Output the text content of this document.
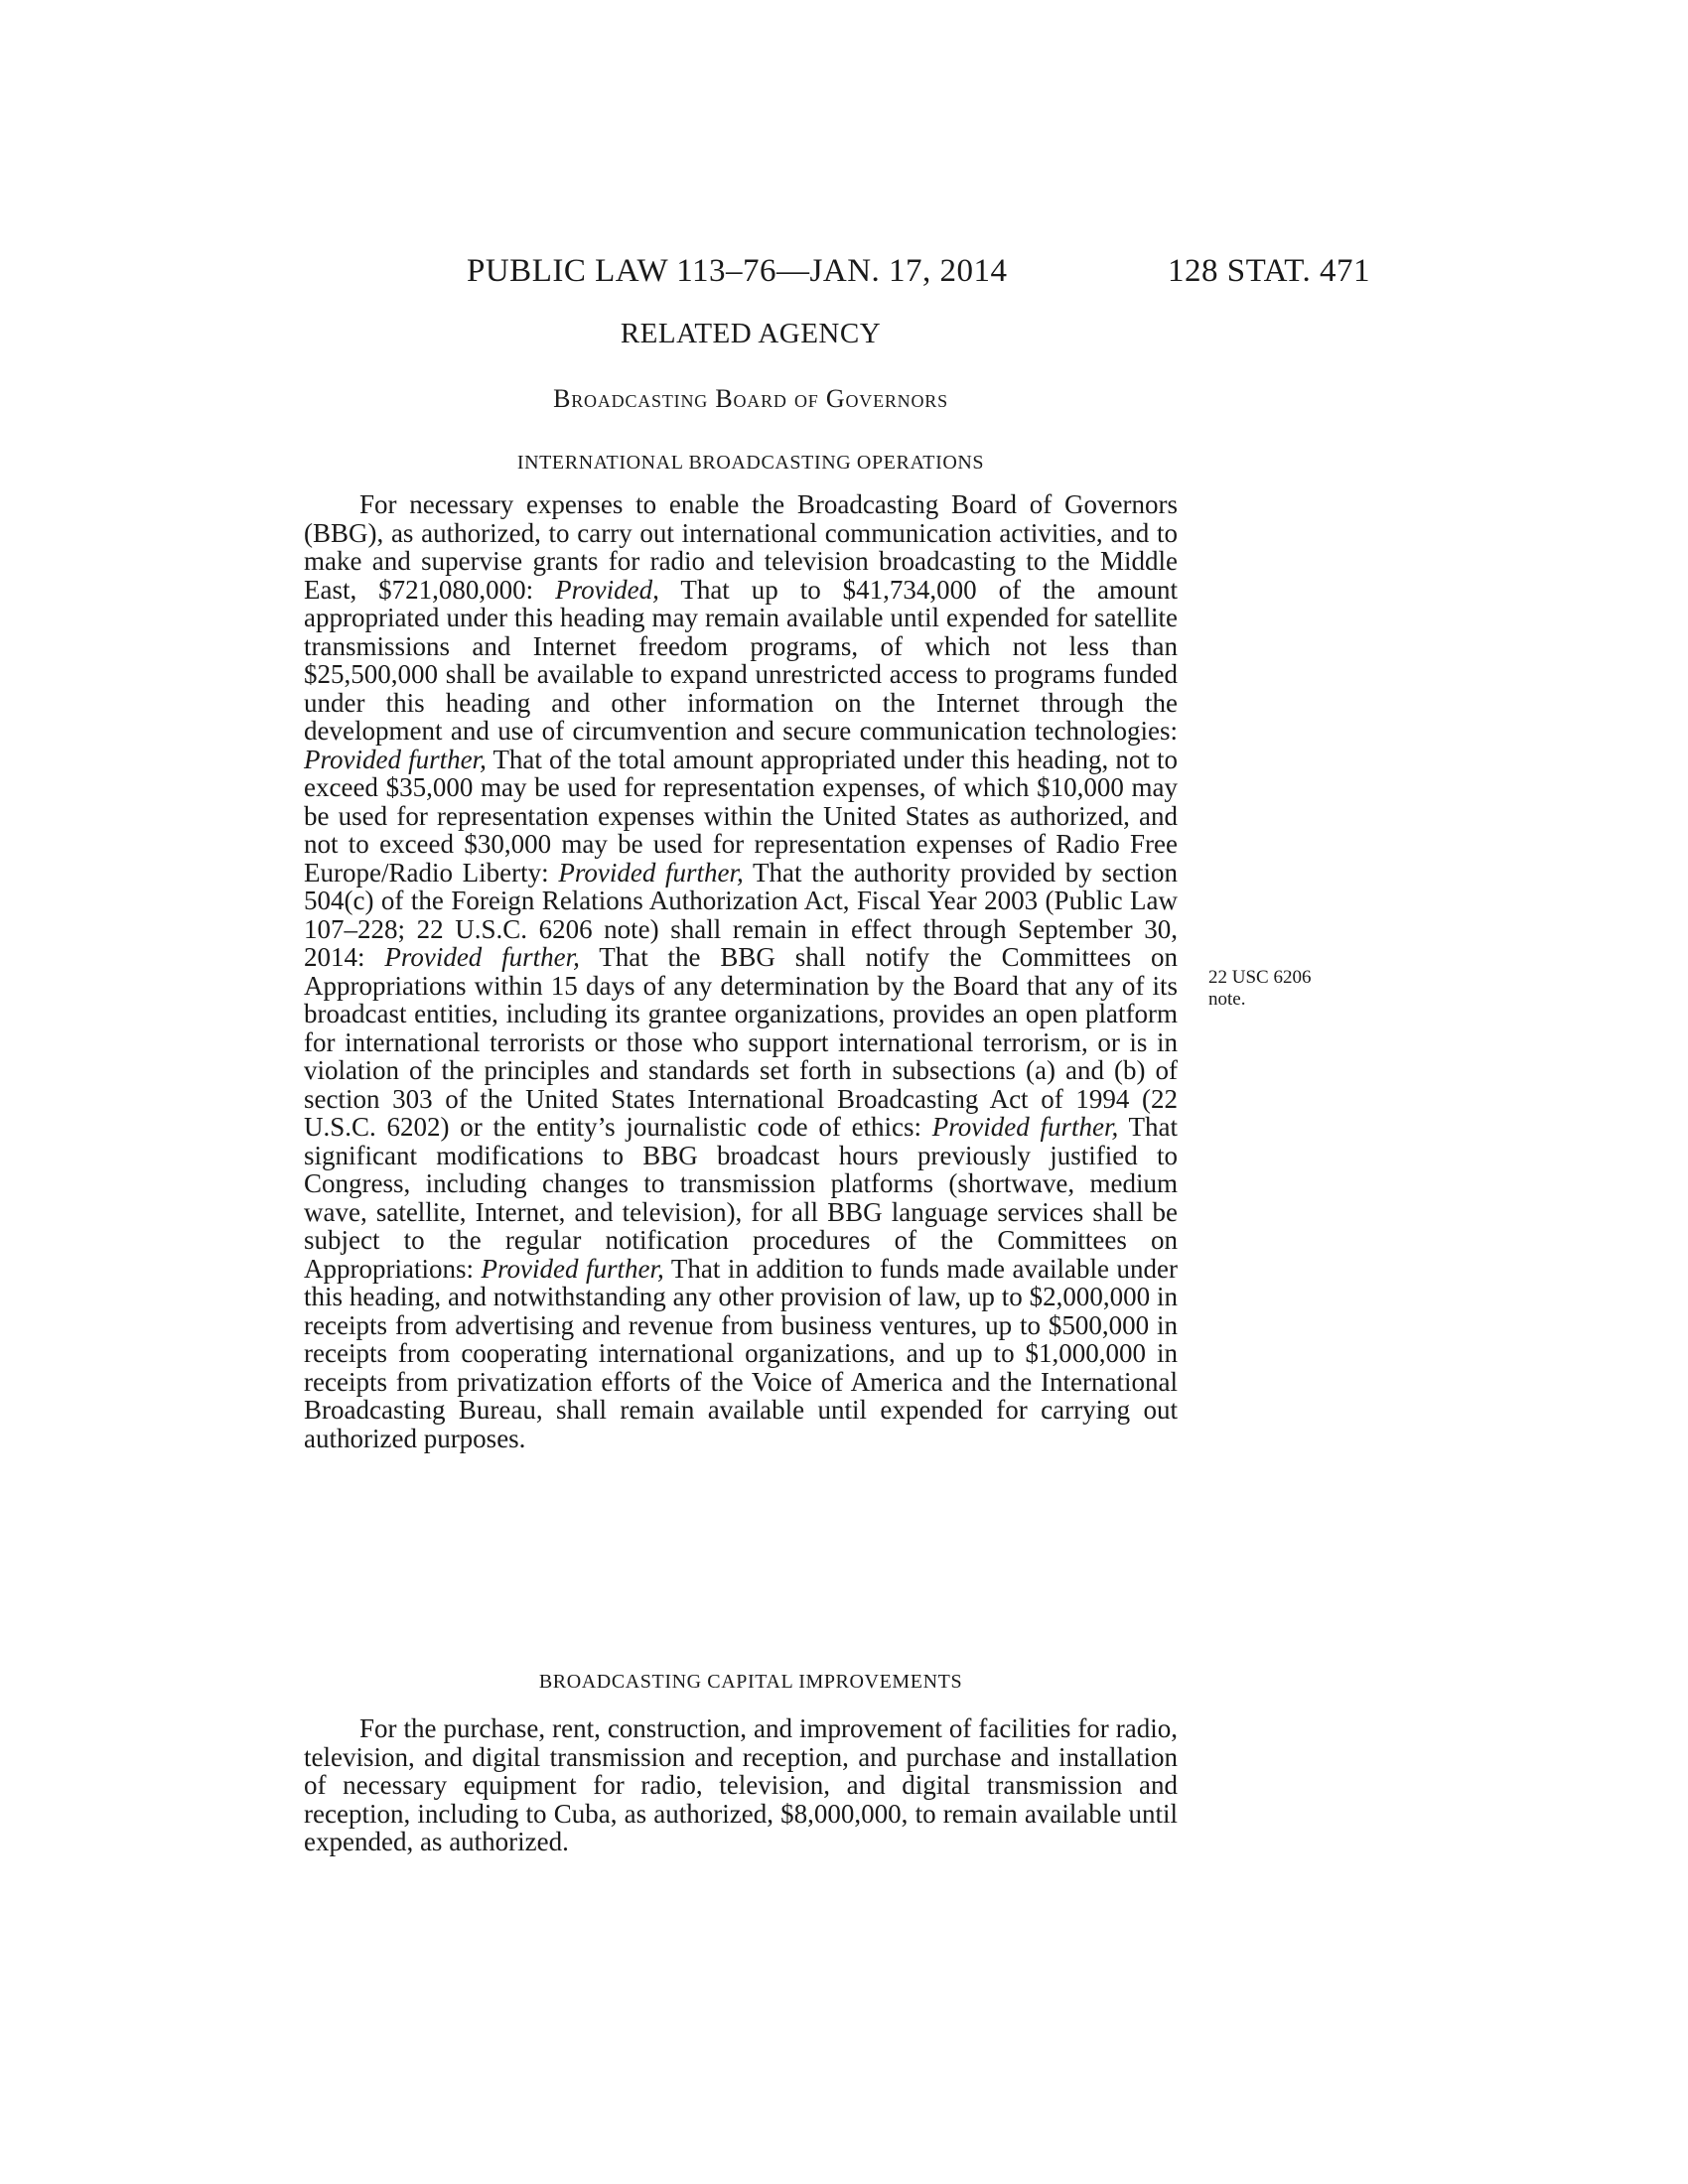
PUBLIC LAW 113–76—JAN. 17, 2014	128 STAT. 471
RELATED AGENCY
Broadcasting Board of Governors
INTERNATIONAL BROADCASTING OPERATIONS
For necessary expenses to enable the Broadcasting Board of Governors (BBG), as authorized, to carry out international communication activities, and to make and supervise grants for radio and television broadcasting to the Middle East, $721,080,000: Provided, That up to $41,734,000 of the amount appropriated under this heading may remain available until expended for satellite transmissions and Internet freedom programs, of which not less than $25,500,000 shall be available to expand unrestricted access to programs funded under this heading and other information on the Internet through the development and use of circumvention and secure communication technologies: Provided further, That of the total amount appropriated under this heading, not to exceed $35,000 may be used for representation expenses, of which $10,000 may be used for representation expenses within the United States as authorized, and not to exceed $30,000 may be used for representation expenses of Radio Free Europe/Radio Liberty: Provided further, That the authority provided by section 504(c) of the Foreign Relations Authorization Act, Fiscal Year 2003 (Public Law 107–228; 22 U.S.C. 6206 note) shall remain in effect through September 30, 2014: Provided further, That the BBG shall notify the Committees on Appropriations within 15 days of any determination by the Board that any of its broadcast entities, including its grantee organizations, provides an open platform for international terrorists or those who support international terrorism, or is in violation of the principles and standards set forth in subsections (a) and (b) of section 303 of the United States International Broadcasting Act of 1994 (22 U.S.C. 6202) or the entity’s journalistic code of ethics: Provided further, That significant modifications to BBG broadcast hours previously justified to Congress, including changes to transmission platforms (shortwave, medium wave, satellite, Internet, and television), for all BBG language services shall be subject to the regular notification procedures of the Committees on Appropriations: Provided further, That in addition to funds made available under this heading, and notwithstanding any other provision of law, up to $2,000,000 in receipts from advertising and revenue from business ventures, up to $500,000 in receipts from cooperating international organizations, and up to $1,000,000 in receipts from privatization efforts of the Voice of America and the International Broadcasting Bureau, shall remain available until expended for carrying out authorized purposes.
22 USC 6206
note.
BROADCASTING CAPITAL IMPROVEMENTS
For the purchase, rent, construction, and improvement of facilities for radio, television, and digital transmission and reception, and purchase and installation of necessary equipment for radio, television, and digital transmission and reception, including to Cuba, as authorized, $8,000,000, to remain available until expended, as authorized.
